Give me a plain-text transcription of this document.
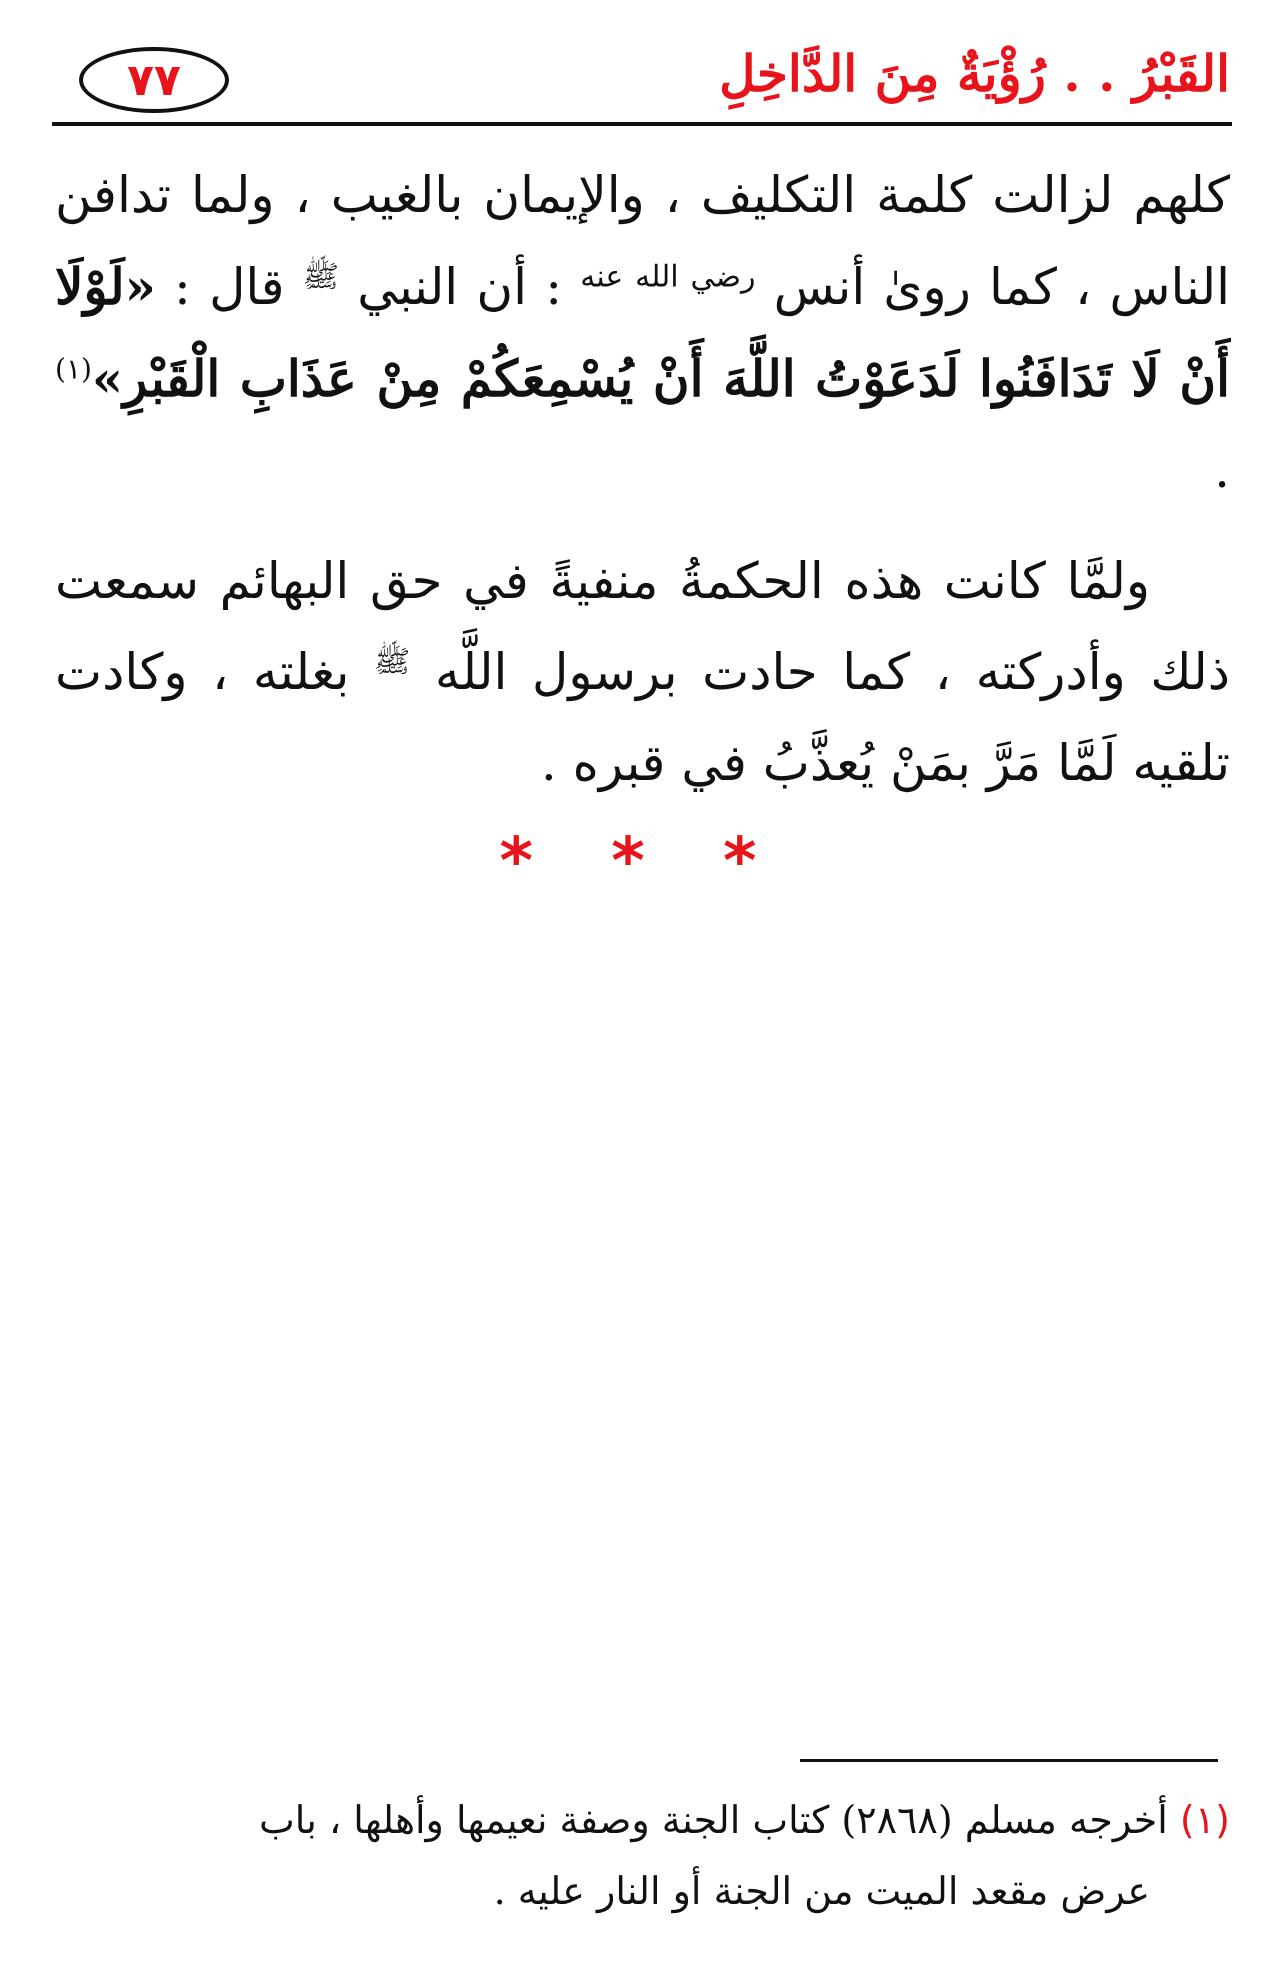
٧٧	القَبْرُ . . رُؤْيَةٌ مِنَ الدَّاخِلِ

كلهم لزالت كلمة التكليف ، والإيمان بالغيب ، ولما تدافن الناس ، كما روىٰ أنس $^{رضي الله عنه}$ : أن النبي $^ﷺ$ قال : «لَوْلَا أَنْ لَا تَدَافَنُوا لَدَعَوْتُ اللَّهَ أَنْ يُسْمِعَكُمْ مِنْ عَذَابِ الْقَبْرِ»$^{(١)}$ .

ولمَّا كانت هذه الحكمةُ منفيةً في حق البهائم سمعت ذلك وأدركته ، كما حادت برسول اللَّه $^ﷺ$ بغلته ، وكادت تلقيه لَمَّا مَرَّ بمَنْ يُعذَّبُ في قبره .

* * *

(١) أخرجه مسلم (٢٨٦٨) كتاب الجنة وصفة نعيمها وأهلها ، باب

عرض مقعد الميت من الجنة أو النار عليه .
